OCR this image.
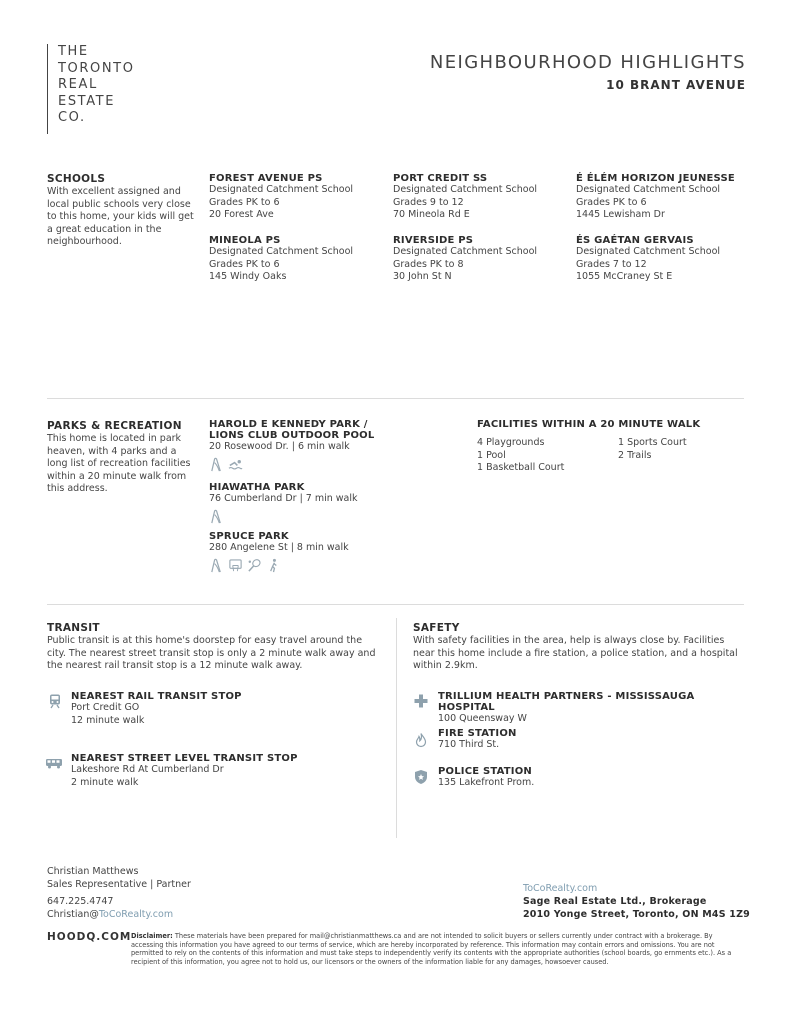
THE
TORONTO
REAL
ESTATE
CO.
NEIGHBOURHOOD HIGHLIGHTS
10 BRANT AVENUE
SCHOOLS
With excellent assigned and local public schools very close to this home, your kids will get a great education in the neighbourhood.
FOREST AVENUE PS
Designated Catchment School
Grades PK to 6
20 Forest Ave
MINEOLA PS
Designated Catchment School
Grades PK to 6
145 Windy Oaks
PORT CREDIT SS
Designated Catchment School
Grades 9 to 12
70 Mineola Rd E
RIVERSIDE PS
Designated Catchment School
Grades PK to 8
30 John St N
É ÉLÉM HORIZON JEUNESSE
Designated Catchment School
Grades PK to 6
1445 Lewisham Dr
ÉS GAÉTAN GERVAIS
Designated Catchment School
Grades 7 to 12
1055 McCraney St E
PARKS & RECREATION
This home is located in park heaven, with 4 parks and a long list of recreation facilities within a 20 minute walk from this address.
HAROLD E KENNEDY PARK /
LIONS CLUB OUTDOOR POOL
20 Rosewood Dr. | 6 min walk
HIAWATHA PARK
76 Cumberland Dr | 7 min walk
SPRUCE PARK
280 Angelene St | 8 min walk
FACILITIES WITHIN A 20 MINUTE WALK
4 Playgrounds
1 Pool
1 Basketball Court
1 Sports Court
2 Trails
TRANSIT
Public transit is at this home's doorstep for easy travel around the city. The nearest street transit stop is only a 2 minute walk away and the nearest rail transit stop is a 12 minute walk away.
NEAREST RAIL TRANSIT STOP
Port Credit GO
12 minute walk
NEAREST STREET LEVEL TRANSIT STOP
Lakeshore Rd At Cumberland Dr
2 minute walk
SAFETY
With safety facilities in the area, help is always close by. Facilities near this home include a fire station, a police station, and a hospital within 2.9km.
TRILLIUM HEALTH PARTNERS - MISSISSAUGA HOSPITAL
100 Queensway W
FIRE STATION
710 Third St.
POLICE STATION
135 Lakefront Prom.
Christian Matthews
Sales Representative | Partner
647.225.4747
Christian@ToCoRealty.com
ToCoRealty.com
Sage Real Estate Ltd., Brokerage
2010 Yonge Street, Toronto, ON M4S 1Z9
HOODQ.COM Disclaimer: These materials have been prepared for mail@christianmatthews.ca and are not intended to solicit buyers or sellers currently under contract with a brokerage. By accessing this information you have agreed to our terms of service, which are hereby incorporated by reference. This information may contain errors and omissions. You are not permitted to rely on the contents of this information and must take steps to independently verify its contents with the appropriate authorities (school boards, go ernments etc.). As a recipient of this information, you agree not to hold us, our licensors or the owners of the information liable for any damages, howsoever caused.
